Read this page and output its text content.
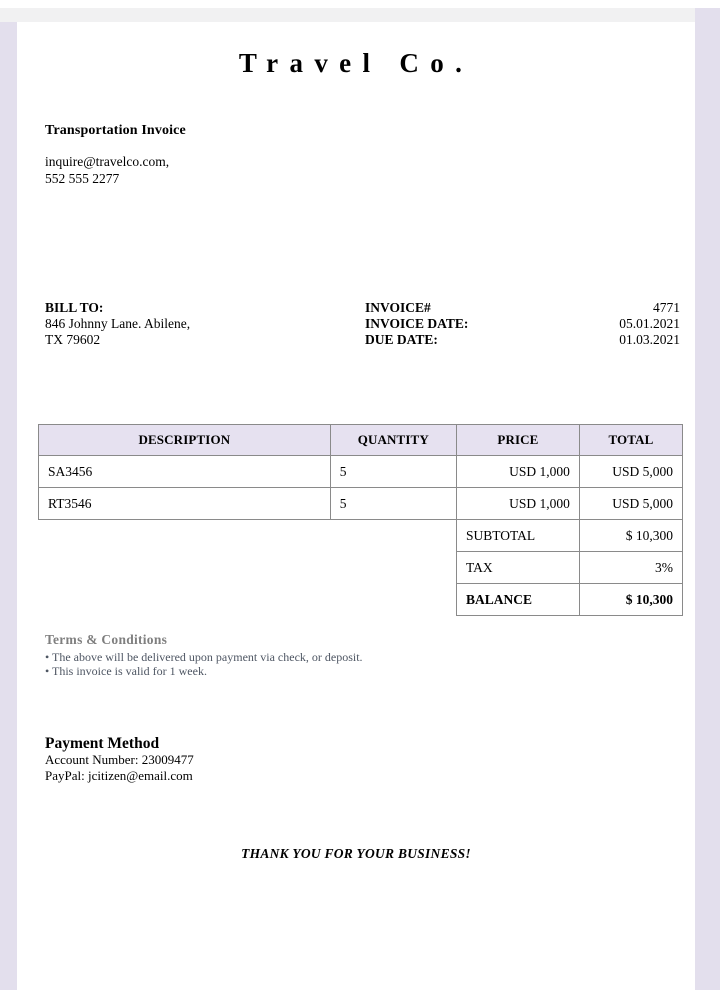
Travel Co.
Transportation Invoice
inquire@travelco.com,
552 555 2277
BILL TO:
846 Johnny Lane. Abilene,
TX 79602
INVOICE#	4771
INVOICE DATE:	05.01.2021
DUE DATE:	01.03.2021
DESCRIPTION	QUANTITY	PRICE	TOTAL
SA3456	5	USD 1,000	USD 5,000
RT3546	5	USD 1,000	USD 5,000
		SUBTOTAL	$ 10,300
		TAX	3%
		BALANCE	$ 10,300
Terms & Conditions
• The above will be delivered upon payment via check, or deposit.
• This invoice is valid for 1 week.
Payment Method
Account Number: 23009477
PayPal: jcitizen@email.com
THANK YOU FOR YOUR BUSINESS!
